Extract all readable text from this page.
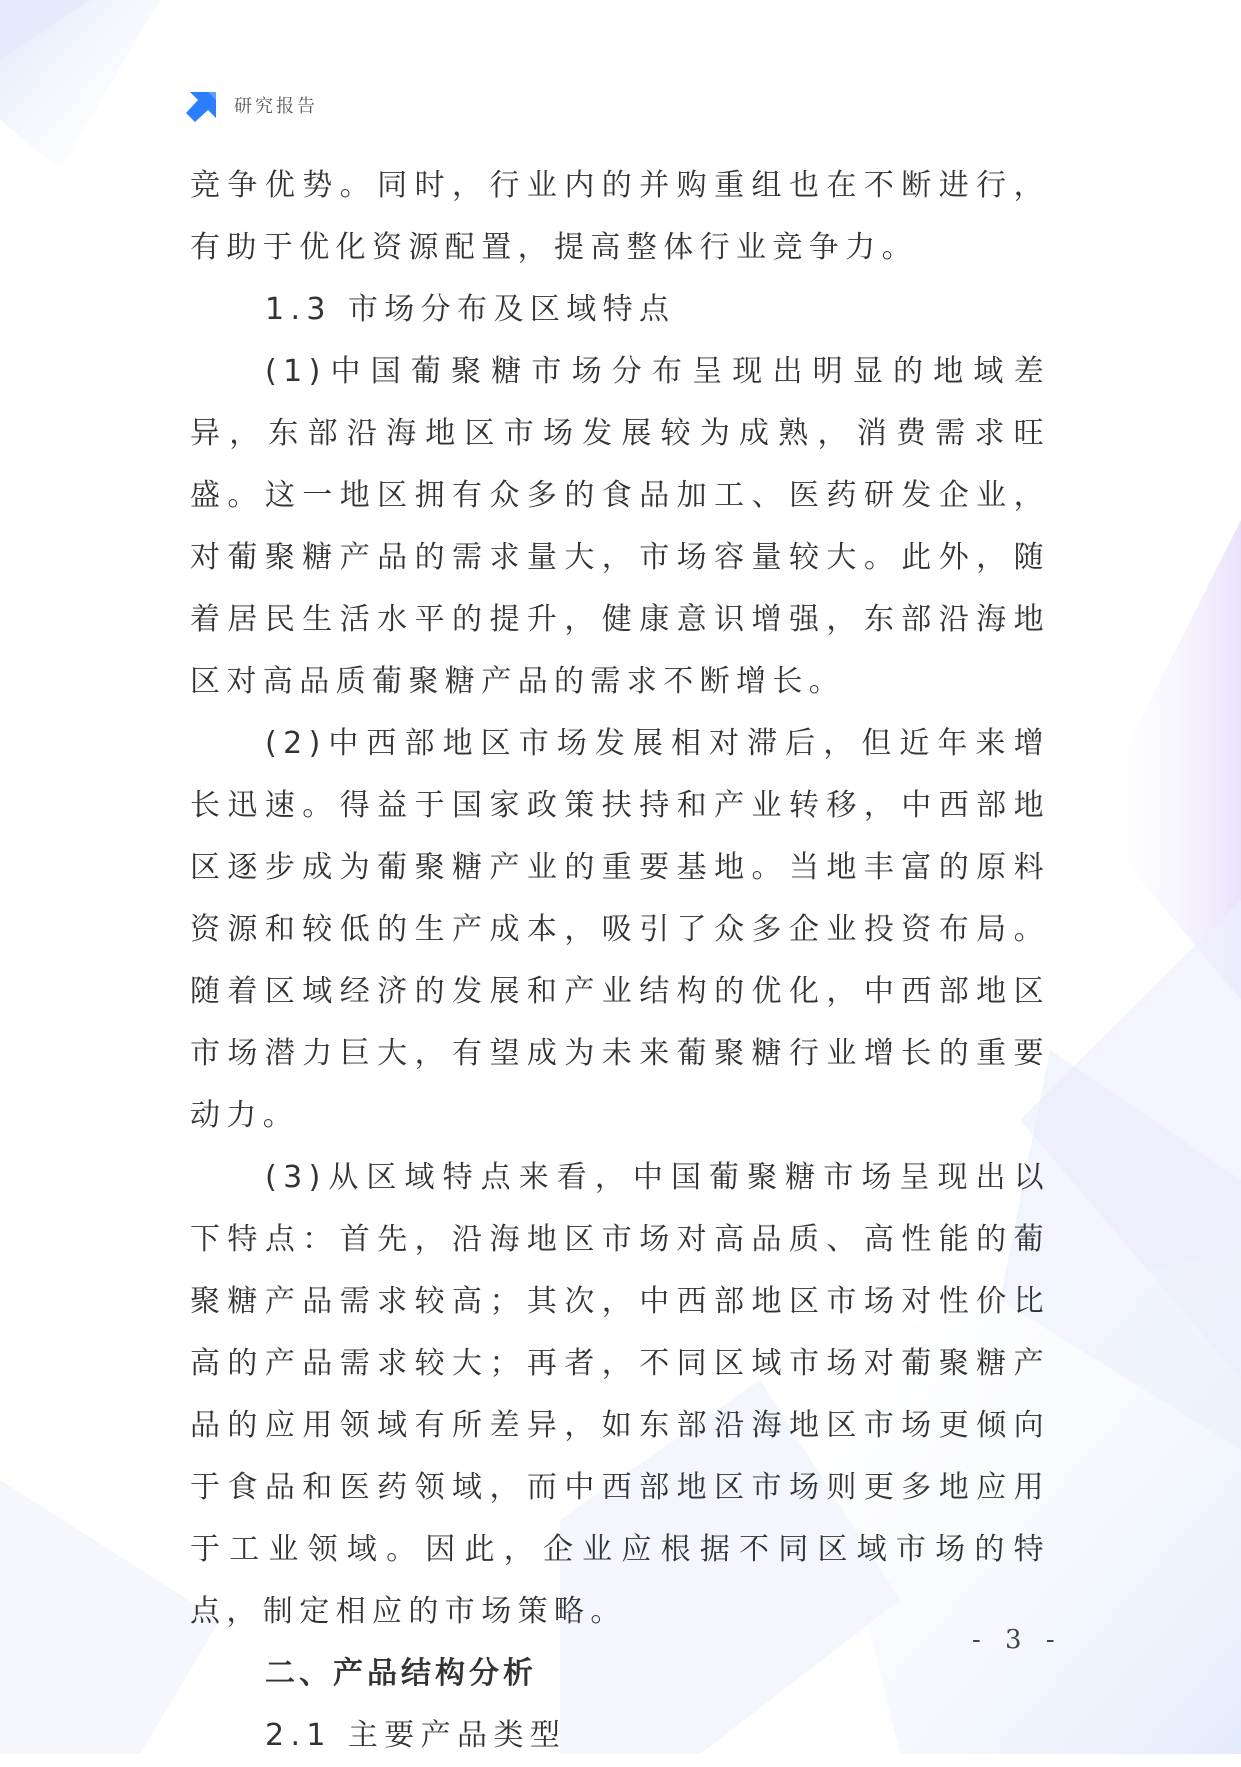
研究报告

竞争优势。同时，行业内的并购重组也在不断进行，有助于优化资源配置，提高整体行业竞争力。

1.3 市场分布及区域特点

(1)中国葡聚糖市场分布呈现出明显的地域差异，东部沿海地区市场发展较为成熟，消费需求旺盛。这一地区拥有众多的食品加工、医药研发企业，对葡聚糖产品的需求量大，市场容量较大。此外，随着居民生活水平的提升，健康意识增强，东部沿海地区对高品质葡聚糖产品的需求不断增长。

(2)中西部地区市场发展相对滞后，但近年来增长迅速。得益于国家政策扶持和产业转移，中西部地区逐步成为葡聚糖产业的重要基地。当地丰富的原料资源和较低的生产成本，吸引了众多企业投资布局。随着区域经济的发展和产业结构的优化，中西部地区市场潜力巨大，有望成为未来葡聚糖行业增长的重要动力。

(3)从区域特点来看，中国葡聚糖市场呈现出以下特点：首先，沿海地区市场对高品质、高性能的葡聚糖产品需求较高；其次，中西部地区市场对性价比高的产品需求较大；再者，不同区域市场对葡聚糖产品的应用领域有所差异，如东部沿海地区市场更倾向于食品和医药领域，而中西部地区市场则更多地应用于工业领域。因此，企业应根据不同区域市场的特点，制定相应的市场策略。

二、产品结构分析

2.1 主要产品类型

- 3 -
